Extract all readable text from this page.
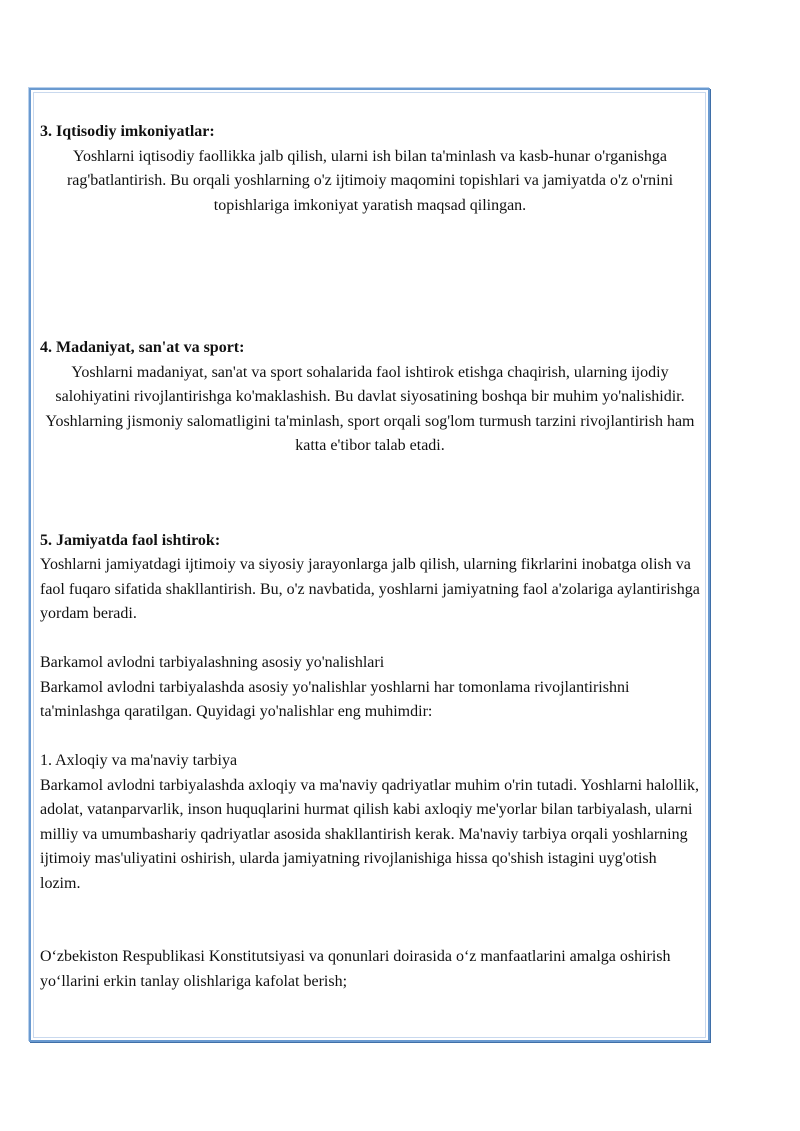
3. Iqtisodiy imkoniyatlar:

Yoshlarni iqtisodiy faollikka jalb qilish, ularni ish bilan ta'minlash va kasb-hunar o'rganishga rag'batlantirish. Bu orqali yoshlarning o'z ijtimoiy maqomini topishlari va jamiyatda o'z o'rnini topishlariga imkoniyat yaratish maqsad qilingan.

4. Madaniyat, san'at va sport:

Yoshlarni madaniyat, san'at va sport sohalarida faol ishtirok etishga chaqirish, ularning ijodiy salohiyatini rivojlantirishga ko'maklashish. Bu davlat siyosatining boshqa bir muhim yo'nalishidir. Yoshlarning jismoniy salomatligini ta'minlash, sport orqali sog'lom turmush tarzini rivojlantirish ham katta e'tibor talab etadi.

5. Jamiyatda faol ishtirok:

Yoshlarni jamiyatdagi ijtimoiy va siyosiy jarayonlarga jalb qilish, ularning fikrlarini inobatga olish va faol fuqaro sifatida shakllantirish. Bu, o'z navbatida, yoshlarni jamiyatning faol a'zolariga aylantirishga yordam beradi.

Barkamol avlodni tarbiyalashning asosiy yo'nalishlari

Barkamol avlodni tarbiyalashda asosiy yo'nalishlar yoshlarni har tomonlama rivojlantirishni ta'minlashga qaratilgan. Quyidagi yo'nalishlar eng muhimdir:

1. Axloqiy va ma'naviy tarbiya

Barkamol avlodni tarbiyalashda axloqiy va ma'naviy qadriyatlar muhim o'rin tutadi. Yoshlarni halollik, adolat, vatanparvarlik, inson huquqlarini hurmat qilish kabi axloqiy me'yorlar bilan tarbiyalash, ularni milliy va umumbashariy qadriyatlar asosida shakllantirish kerak. Ma'naviy tarbiya orqali yoshlarning ijtimoiy mas'uliyatini oshirish, ularda jamiyatning rivojlanishiga hissa qo'shish istagini uyg'otish lozim.

O‘zbekiston Respublikasi Konstitutsiyasi va qonunlari doirasida o‘z manfaatlarini amalga oshirish yo‘llarini erkin tanlay olishlariga kafolat berish;
